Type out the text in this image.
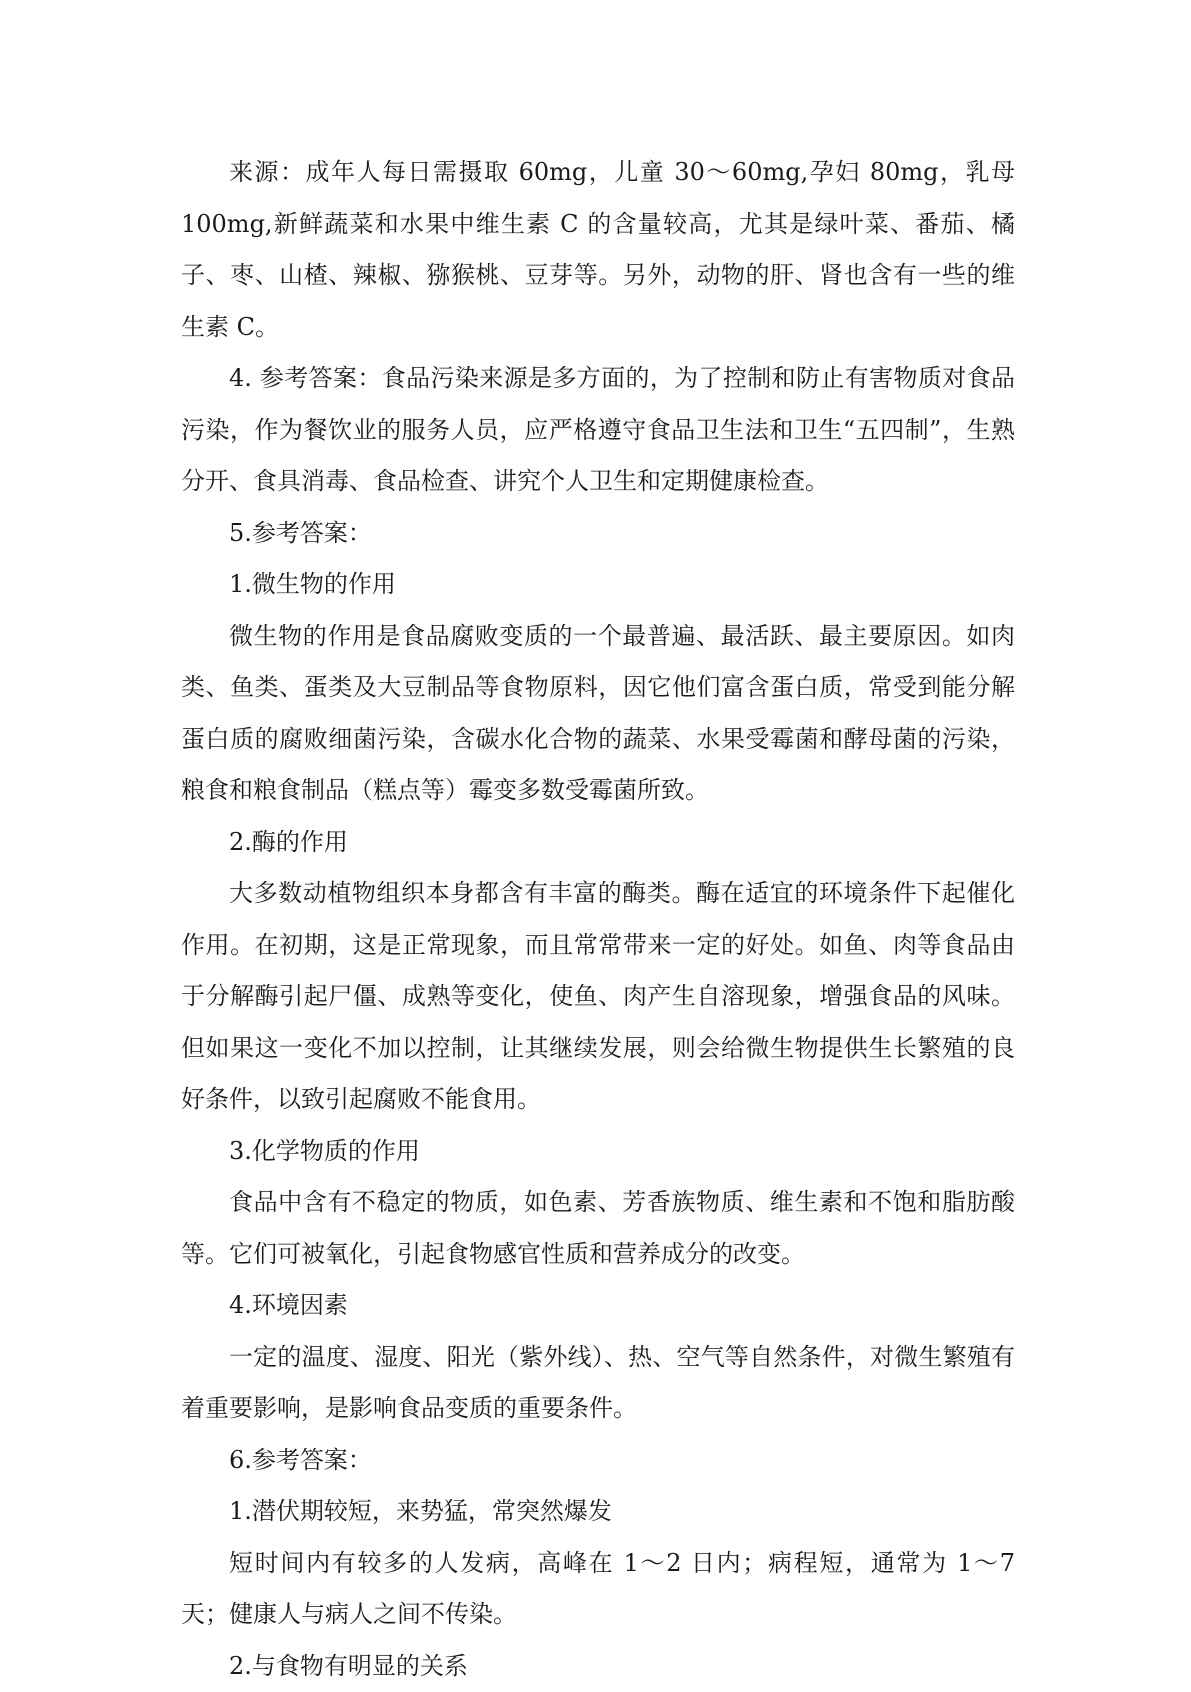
来源：成年人每日需摄取 60mg，儿童 30～60mg,孕妇 80mg，乳母 100mg,新鲜蔬菜和水果中维生素 C 的含量较高，尤其是绿叶菜、番茄、橘子、枣、山楂、辣椒、猕猴桃、豆芽等。另外，动物的肝、肾也含有一些的维生素 C。

4. 参考答案：食品污染来源是多方面的，为了控制和防止有害物质对食品污染，作为餐饮业的服务人员，应严格遵守食品卫生法和卫生“五四制”，生熟分开、食具消毒、食品检查、讲究个人卫生和定期健康检查。

5.参考答案：

1.微生物的作用

微生物的作用是食品腐败变质的一个最普遍、最活跃、最主要原因。如肉类、鱼类、蛋类及大豆制品等食物原料，因它他们富含蛋白质，常受到能分解蛋白质的腐败细菌污染，含碳水化合物的蔬菜、水果受霉菌和酵母菌的污染，粮食和粮食制品（糕点等）霉变多数受霉菌所致。

2.酶的作用

大多数动植物组织本身都含有丰富的酶类。酶在适宜的环境条件下起催化作用。在初期，这是正常现象，而且常常带来一定的好处。如鱼、肉等食品由于分解酶引起尸僵、成熟等变化，使鱼、肉产生自溶现象，增强食品的风味。但如果这一变化不加以控制，让其继续发展，则会给微生物提供生长繁殖的良好条件，以致引起腐败不能食用。

3.化学物质的作用

食品中含有不稳定的物质，如色素、芳香族物质、维生素和不饱和脂肪酸等。它们可被氧化，引起食物感官性质和营养成分的改变。

4.环境因素

一定的温度、湿度、阳光（紫外线）、热、空气等自然条件，对微生繁殖有着重要影响，是影响食品变质的重要条件。

6.参考答案：

1.潜伏期较短，来势猛，常突然爆发

短时间内有较多的人发病，高峰在 1～2 日内；病程短，通常为 1～7 天；健康人与病人之间不传染。

2.与食物有明显的关系
